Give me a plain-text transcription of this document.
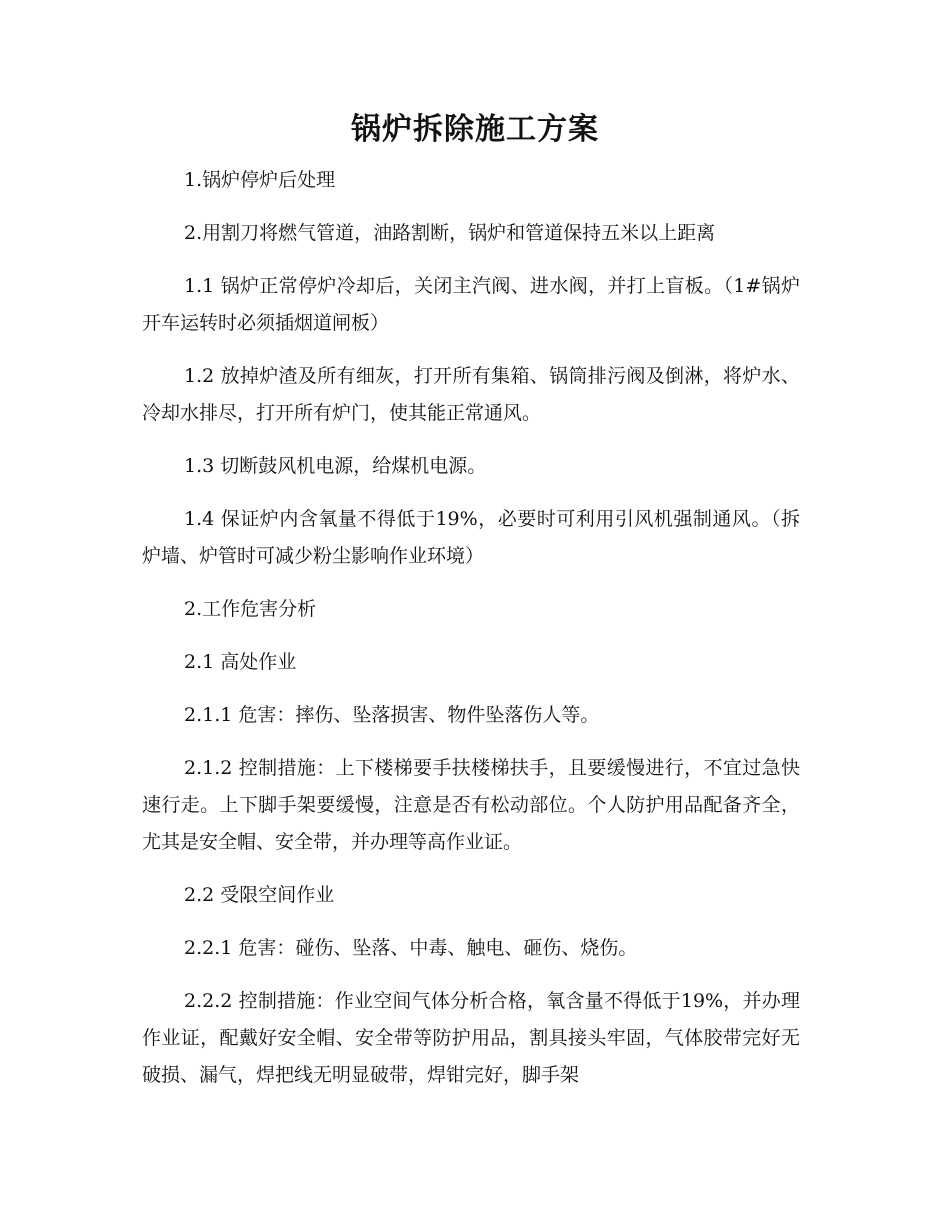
锅炉拆除施工方案

1.锅炉停炉后处理

2.用割刀将燃气管道，油路割断，锅炉和管道保持五米以上距离

1.1 锅炉正常停炉冷却后，关闭主汽阀、进水阀，并打上盲板。（1#锅炉开车运转时必须插烟道闸板）

1.2 放掉炉渣及所有细灰，打开所有集箱、锅筒排污阀及倒淋，将炉水、冷却水排尽，打开所有炉门，使其能正常通风。

1.3 切断鼓风机电源，给煤机电源。

1.4 保证炉内含氧量不得低于19%，必要时可利用引风机强制通风。（拆炉墙、炉管时可减少粉尘影响作业环境）

2.工作危害分析

2.1 高处作业

2.1.1 危害：摔伤、坠落损害、物件坠落伤人等。

2.1.2 控制措施：上下楼梯要手扶楼梯扶手，且要缓慢进行，不宜过急快速行走。上下脚手架要缓慢，注意是否有松动部位。个人防护用品配备齐全，尤其是安全帽、安全带，并办理等高作业证。

2.2 受限空间作业

2.2.1 危害：碰伤、坠落、中毒、触电、砸伤、烧伤。

2.2.2 控制措施：作业空间气体分析合格，氧含量不得低于19%，并办理作业证，配戴好安全帽、安全带等防护用品，割具接头牢固，气体胶带完好无破损、漏气，焊把线无明显破带，焊钳完好，脚手架
